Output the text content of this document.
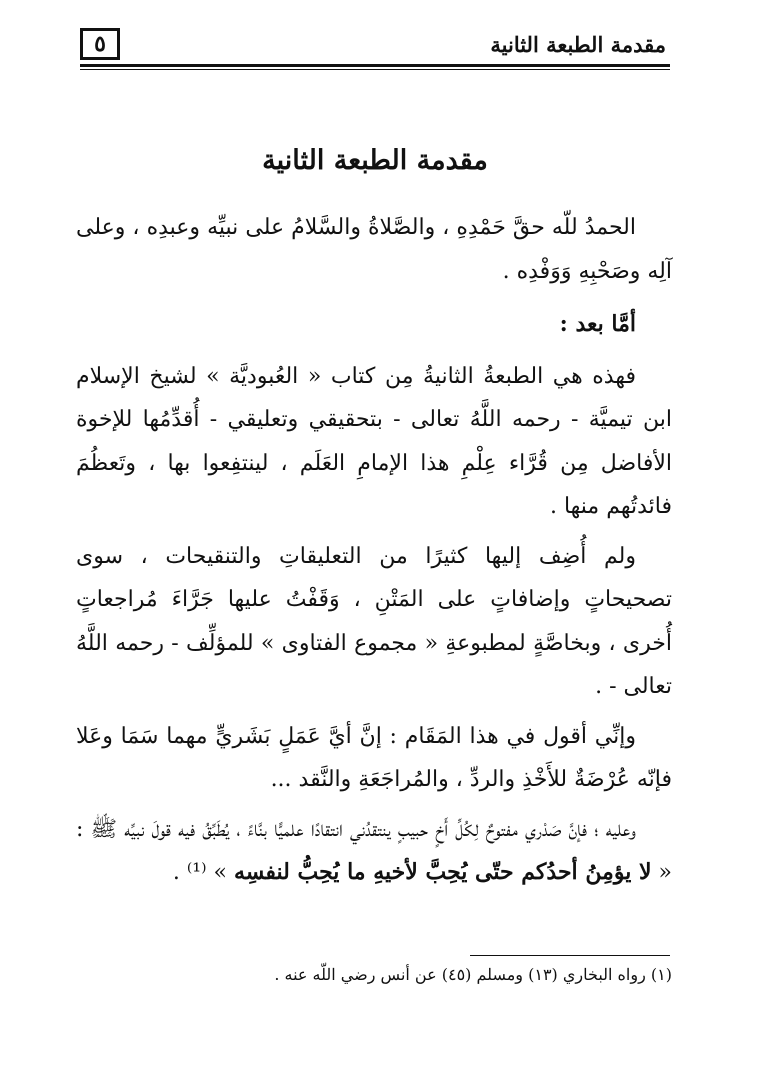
٥	مقدمة الطبعة الثانية
مقدمة الطبعة الثانية

الحمدُ للّه حقَّ حَمْدِهِ ، والصَّلاةُ والسَّلامُ على نبيِّه وعبدِه ، وعلى آلِه وصَحْبِهِ وَوَفْدِه .

أمَّا بعد :

فهذه هي الطبعةُ الثانيةُ مِن كتاب « العُبوديَّة » لشيخ الإسلام ابن تيميَّة - رحمه اللَّهُ تعالى - بتحقيقي وتعليقي - أُقدِّمُها للإخوة الأفاضل مِن قُرَّاء عِلْمِ هذا الإمامِ العَلَم ، لينتفِعوا بها ، وتَعظُمَ فائدتُهم منها .

ولم أُضِف إليها كثيرًا من التعليقاتِ والتنقيحات ، سوى تصحيحاتٍ وإضافاتٍ على المَتْنِ ، وَقَفْتُ عليها جَرَّاءَ مُراجعاتٍ أُخرى ، وبخاصَّةٍ لمطبوعةِ « مجموع الفتاوى » للمؤلِّف - رحمه اللَّهُ تعالى - .

وإنِّي أقول في هذا المَقَام : إنَّ أيَّ عَمَلٍ بَشَريٍّ مهما سَمَا وعَلا فإنّه عُرْضَةٌ للأَخْذِ والردِّ ، والمُراجَعَةِ والنَّقد ...

وعليه ؛ فإنَّ صَدْري مفتوحٌ لِكُلِّ أَخٍ حبيبٍ ينتقدُني انتقادًا علميًّا بنَّاءً ، يُطَبِّقُ فيه قولَ نبيِّه ﷺ : « لا يؤمِنُ أحدُكم حتّى يُحِبَّ لأخيهِ ما يُحِبُّ لنفسِه » ⁽¹⁾ .

(١) رواه البخاري (١٣) ومسلم (٤٥) عن أنس رضي اللّه عنه .
